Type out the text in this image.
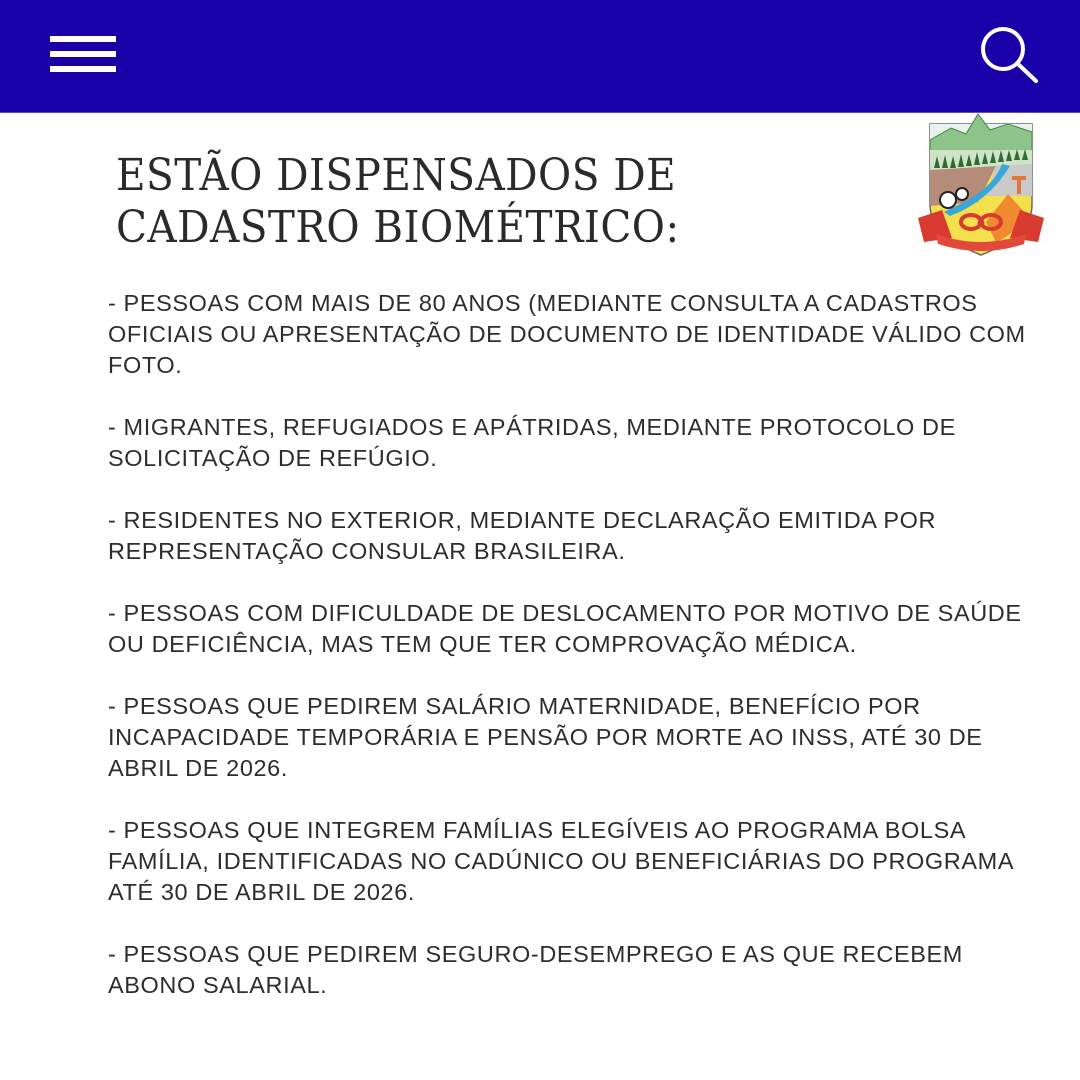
ESTÃO DISPENSADOS DE
CADASTRO BIOMÉTRICO:
- PESSOAS COM MAIS DE 80 ANOS (MEDIANTE CONSULTA A CADASTROS OFICIAIS OU APRESENTAÇÃO DE DOCUMENTO DE IDENTIDADE VÁLIDO COM FOTO.
- MIGRANTES, REFUGIADOS E APÁTRIDAS, MEDIANTE PROTOCOLO DE SOLICITAÇÃO DE REFÚGIO.
- RESIDENTES NO EXTERIOR, MEDIANTE DECLARAÇÃO EMITIDA POR REPRESENTAÇÃO CONSULAR BRASILEIRA.
- PESSOAS COM DIFICULDADE DE DESLOCAMENTO POR MOTIVO DE SAÚDE OU DEFICIÊNCIA, MAS TEM QUE TER COMPROVAÇÃO MÉDICA.
- PESSOAS QUE PEDIREM SALÁRIO MATERNIDADE, BENEFÍCIO POR INCAPACIDADE TEMPORÁRIA E PENSÃO POR MORTE AO INSS, ATÉ 30 DE ABRIL DE 2026.
- PESSOAS QUE INTEGREM FAMÍLIAS ELEGÍVEIS AO PROGRAMA BOLSA FAMÍLIA, IDENTIFICADAS NO CADÚNICO OU BENEFICIÁRIAS DO PROGRAMA ATÉ 30 DE ABRIL DE 2026.
- PESSOAS QUE PEDIREM SEGURO-DESEMPREGO E AS QUE RECEBEM ABONO SALARIAL.
